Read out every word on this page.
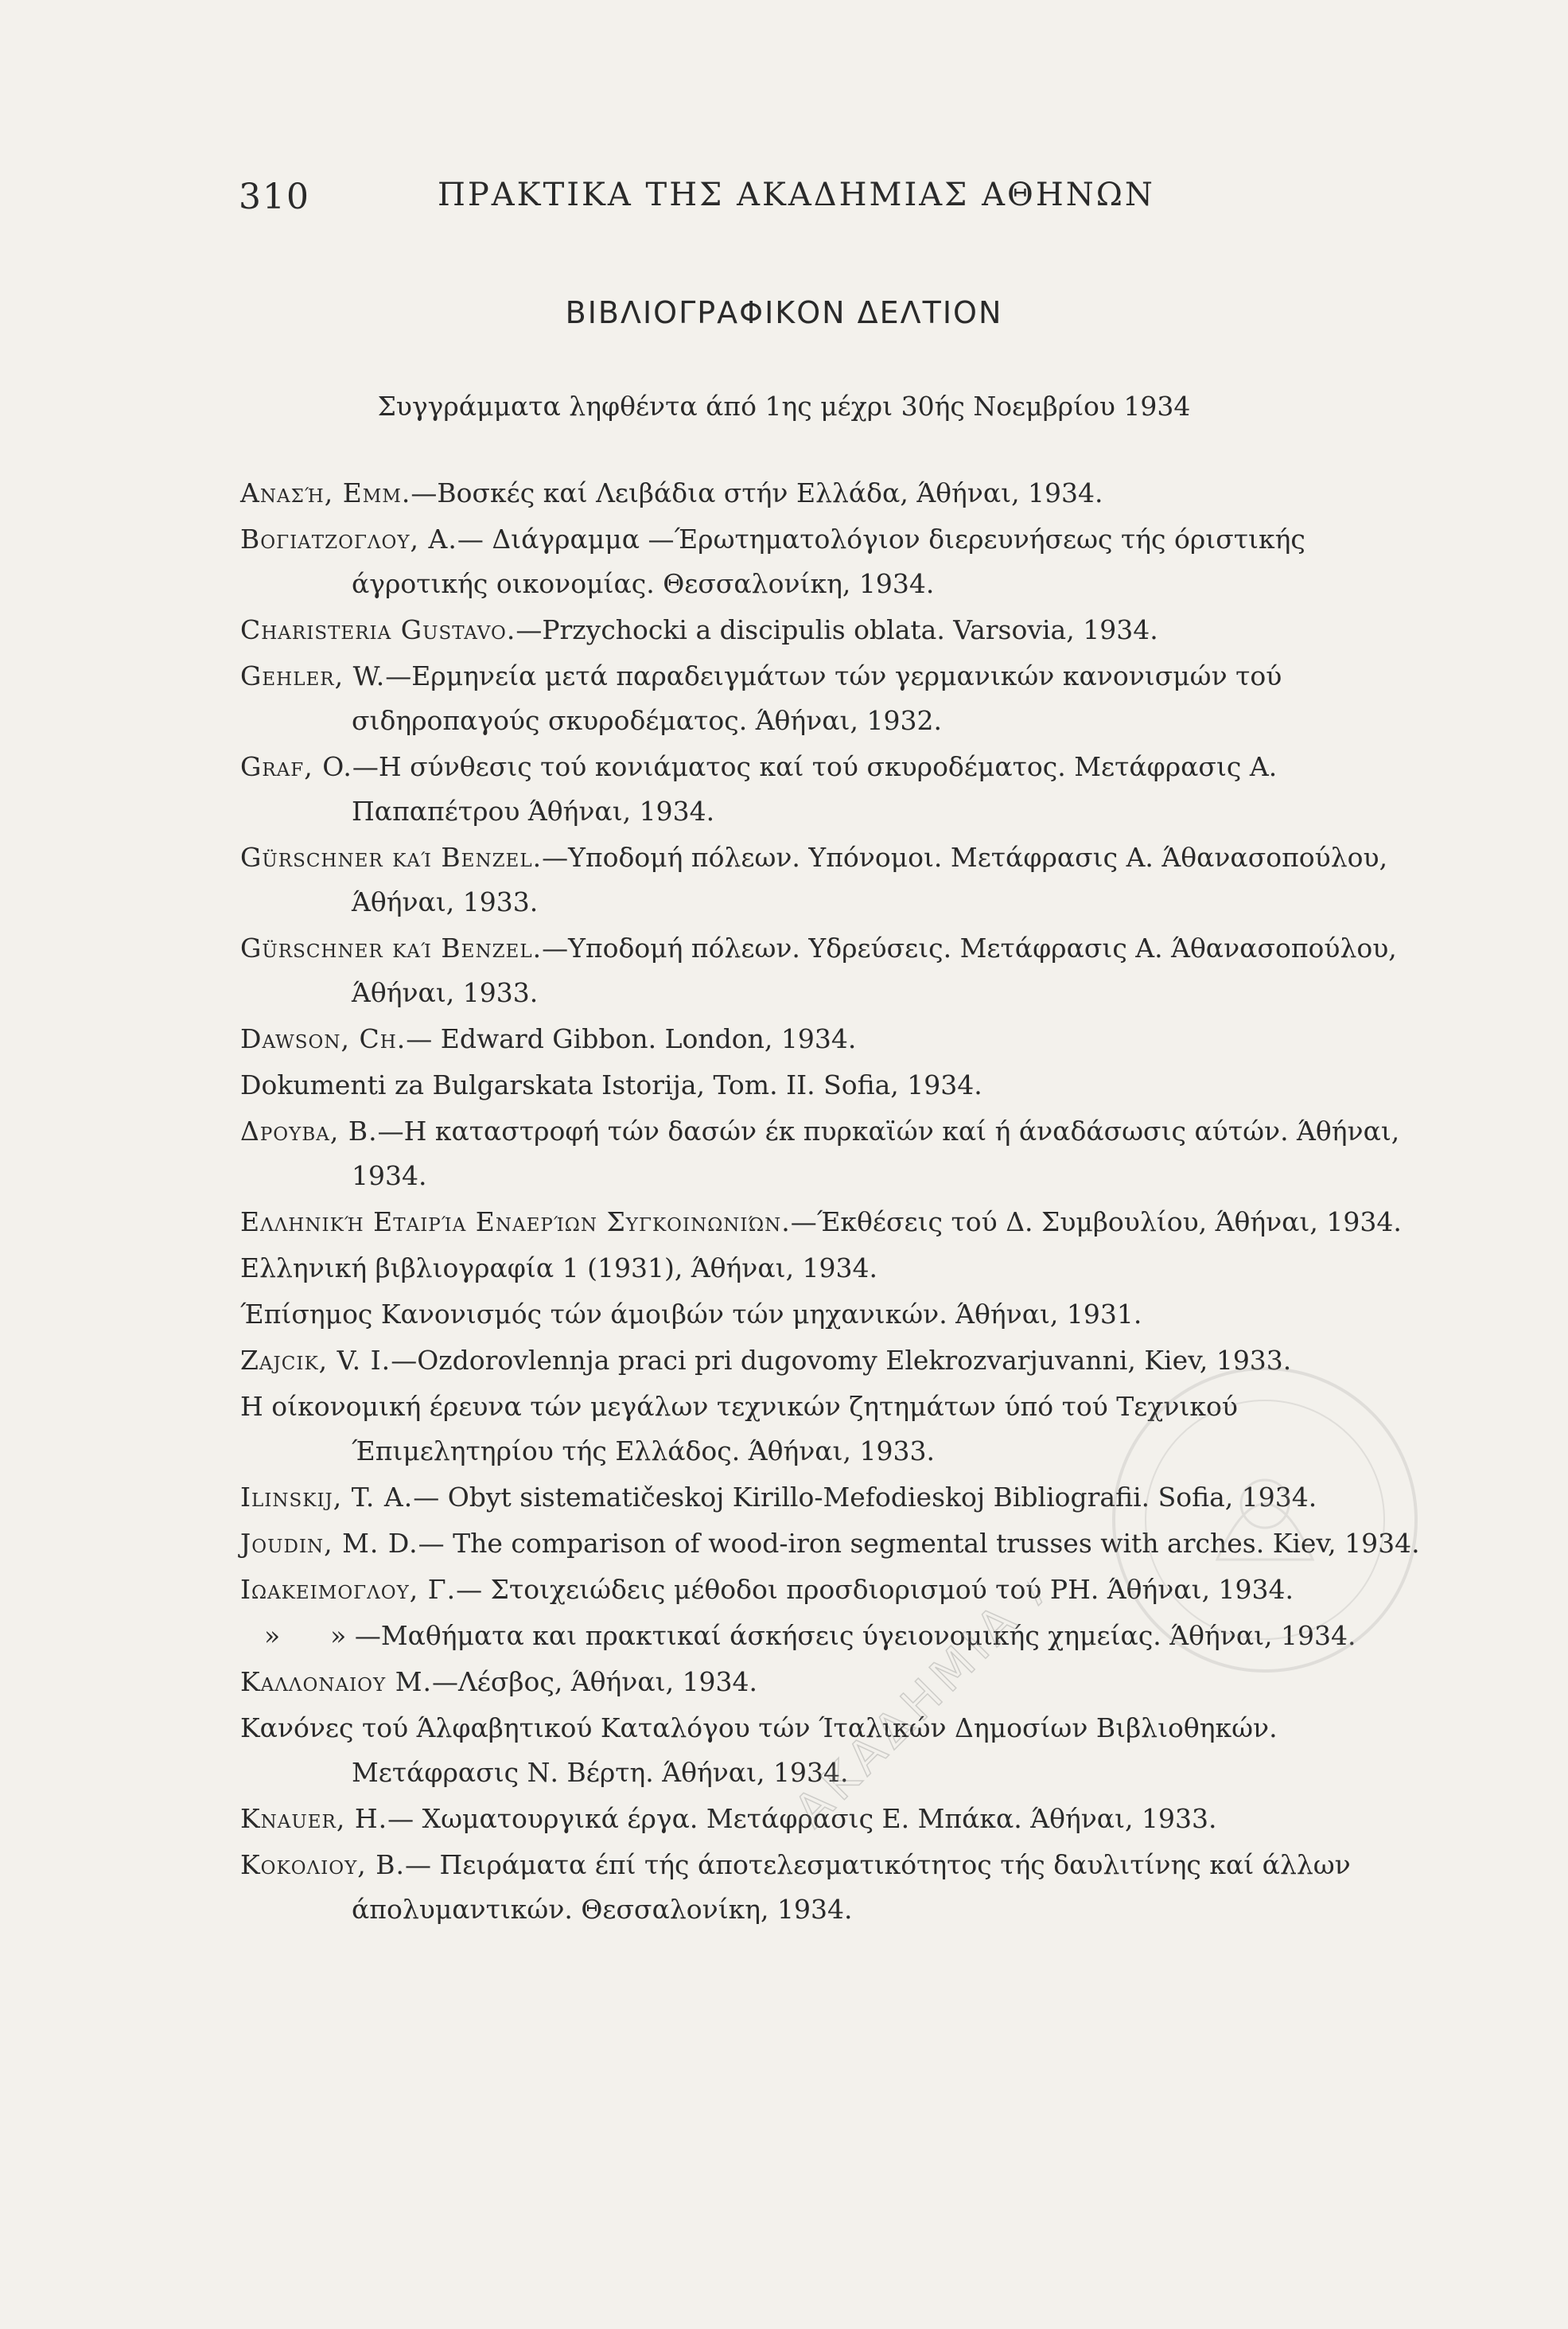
310	ΠΡΑΚΤΙΚΑ ΤΗΣ ΑΚΑΔΗΜΙΑΣ ΑΘΗΝΩΝ
ΒΙΒΛΙΟΓΡΑΦΙΚΟΝ ΔΕΛΤΙΟΝ
Συγγράμματα ληφθέντα άπό 1ης μέχρι 30ής Νοεμβρίου 1934
Ανασή, Εμμ.—Βοσκές καί Λειβάδια στήν Ελλάδα, Άθήναι, 1934.
Βογιατζογλου, Α.— Διάγραμμα —Έρωτηματολόγιον διερευνήσεως τής όριστικής άγροτικής οικονομίας. Θεσσαλονίκη, 1934.
Charisteria Gustavo.—Przychocki a discipulis oblata. Varsovia, 1934.
Gehler, W.—Ερμηνεία μετά παραδειγμάτων τών γερμανικών κανονισμών τού σιδηροπαγούς σκυροδέματος. Άθήναι, 1932.
Graf, O.—Η σύνθεσις τού κονιάματος καί τού σκυροδέματος. Μετάφρασις Α. Παπαπέτρου Άθήναι, 1934.
Gürschner καί Benzel.—Υποδομή πόλεων. Υπόνομοι. Μετάφρασις Α. Άθανασοπούλου, Άθήναι, 1933.
Gürschner καί Benzel.—Υποδομή πόλεων. Υδρεύσεις. Μετάφρασις Α. Άθανασοπούλου, Άθήναι, 1933.
Dawson, Ch.— Edward Gibbon. London, 1934.
Dokumenti za Bulgarskata Istorija, Tom. II. Sofia, 1934.
Δρουβα, Β.—Η καταστροφή τών δασών έκ πυρκαϊών καί ή άναδάσωσις αύτών. Άθήναι, 1934.
Ελληνική Εταιρία Εναερίων Συγκοινωνιών.—Έκθέσεις τού Δ. Συμβουλίου, Άθήναι, 1934.
Ελληνική βιβλιογραφία 1 (1931), Άθήναι, 1934.
Έπίσημος Κανονισμός τών άμοιβών τών μηχανικών. Άθήναι, 1931.
Zajcik, V. I.—Ozdorovlennja praci pri dugovomy Elekrozvarjuvanni, Kiev, 1933.
Η οίκονομική έρευνα τών μεγάλων τεχνικών ζητημάτων ύπό τού Τεχνικού Έπιμελητηρίου τής Ελλάδος. Άθήναι, 1933.
Ilinskij, T. A.— Obyt sistematičeskoj Kirillo-Mefodieskoj Bibliografii. Sofia, 1934.
Joudin, M. D.— The comparison of wood-iron segmental trusses with arches. Kiev, 1934.
Ιωακειμογλου, Γ.— Στοιχειώδεις μέθοδοι προσδιορισμού τού PH. Άθήναι, 1934.
» » —Μαθήματα και πρακτικαί άσκήσεις ύγειονομικής χημείας. Άθήναι, 1934.
Καλλοναιου Μ.—Λέσβος, Άθήναι, 1934.
Κανόνες τού Άλφαβητικού Καταλόγου τών Ίταλικών Δημοσίων Βιβλιοθηκών. Μετάφρασις Ν. Βέρτη. Άθήναι, 1934.
Knauer, H.— Χωματουργικά έργα. Μετάφρασις Ε. Μπάκα. Άθήναι, 1933.
Κοκολιου, Β.— Πειράματα έπί τής άποτελεσματικότητος τής δαυλιτίνης καί άλλων άπολυμαντικών. Θεσσαλονίκη, 1934.
ΑΚΑΔΗΜΙΑ
